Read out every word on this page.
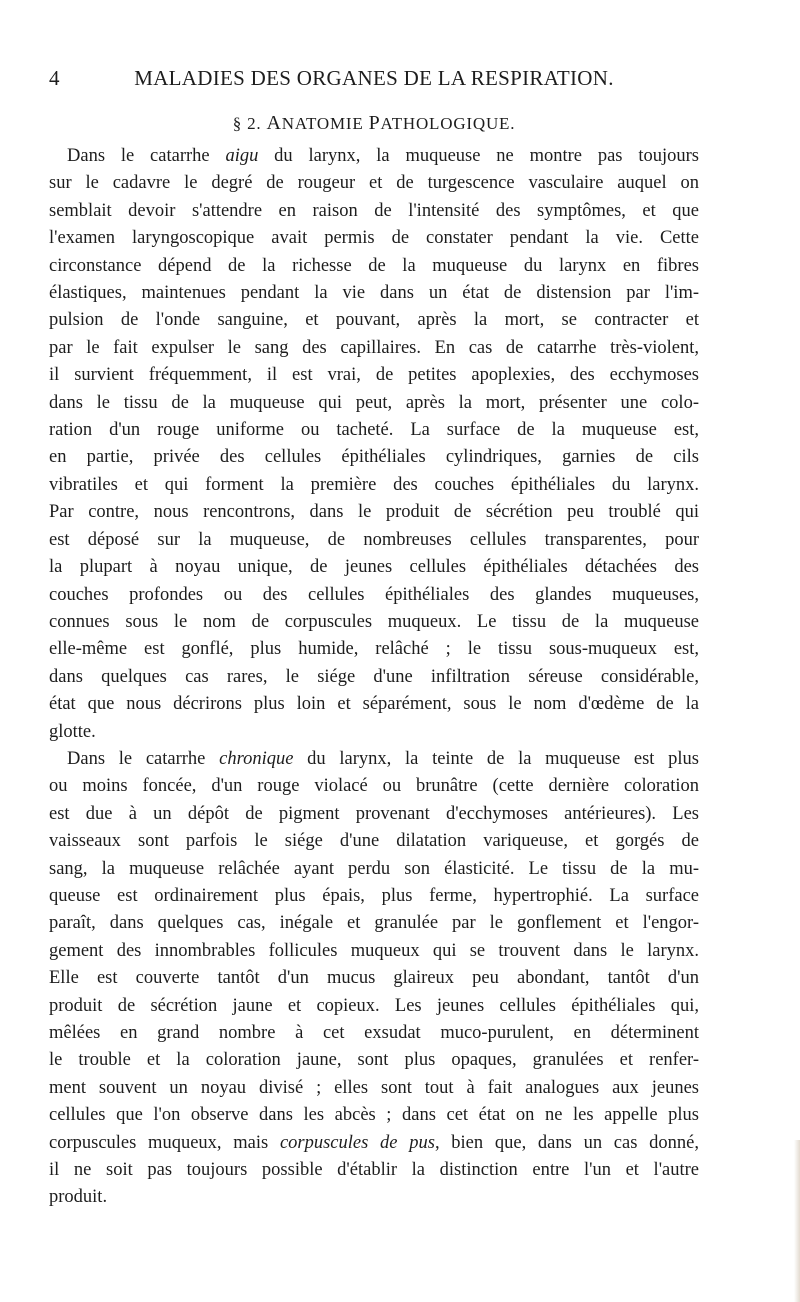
4	MALADIES DES ORGANES DE LA RESPIRATION.
§ 2. ANATOMIE PATHOLOGIQUE.
Dans le catarrhe aigu du larynx, la muqueuse ne montre pas toujours
sur le cadavre le degré de rougeur et de turgescence vasculaire auquel on
semblait devoir s'attendre en raison de l'intensité des symptômes, et que
l'examen laryngoscopique avait permis de constater pendant la vie. Cette
circonstance dépend de la richesse de la muqueuse du larynx en fibres
élastiques, maintenues pendant la vie dans un état de distension par l'im-
pulsion de l'onde sanguine, et pouvant, après la mort, se contracter et
par le fait expulser le sang des capillaires. En cas de catarrhe très-violent,
il survient fréquemment, il est vrai, de petites apoplexies, des ecchymoses
dans le tissu de la muqueuse qui peut, après la mort, présenter une colo-
ration d'un rouge uniforme ou tacheté. La surface de la muqueuse est,
en partie, privée des cellules épithéliales cylindriques, garnies de cils
vibratiles et qui forment la première des couches épithéliales du larynx.
Par contre, nous rencontrons, dans le produit de sécrétion peu troublé qui
est déposé sur la muqueuse, de nombreuses cellules transparentes, pour
la plupart à noyau unique, de jeunes cellules épithéliales détachées des
couches profondes ou des cellules épithéliales des glandes muqueuses,
connues sous le nom de corpuscules muqueux. Le tissu de la muqueuse
elle-même est gonflé, plus humide, relâché ; le tissu sous-muqueux est,
dans quelques cas rares, le siége d'une infiltration séreuse considérable,
état que nous décrirons plus loin et séparément, sous le nom d'œdème de la
glotte.
Dans le catarrhe chronique du larynx, la teinte de la muqueuse est plus
ou moins foncée, d'un rouge violacé ou brunâtre (cette dernière coloration
est due à un dépôt de pigment provenant d'ecchymoses antérieures). Les
vaisseaux sont parfois le siége d'une dilatation variqueuse, et gorgés de
sang, la muqueuse relâchée ayant perdu son élasticité. Le tissu de la mu-
queuse est ordinairement plus épais, plus ferme, hypertrophié. La surface
paraît, dans quelques cas, inégale et granulée par le gonflement et l'engor-
gement des innombrables follicules muqueux qui se trouvent dans le larynx.
Elle est couverte tantôt d'un mucus glaireux peu abondant, tantôt d'un
produit de sécrétion jaune et copieux. Les jeunes cellules épithéliales qui,
mêlées en grand nombre à cet exsudat muco-purulent, en déterminent
le trouble et la coloration jaune, sont plus opaques, granulées et renfer-
ment souvent un noyau divisé ; elles sont tout à fait analogues aux jeunes
cellules que l'on observe dans les abcès ; dans cet état on ne les appelle plus
corpuscules muqueux, mais corpuscules de pus, bien que, dans un cas donné,
il ne soit pas toujours possible d'établir la distinction entre l'un et l'autre
produit.
